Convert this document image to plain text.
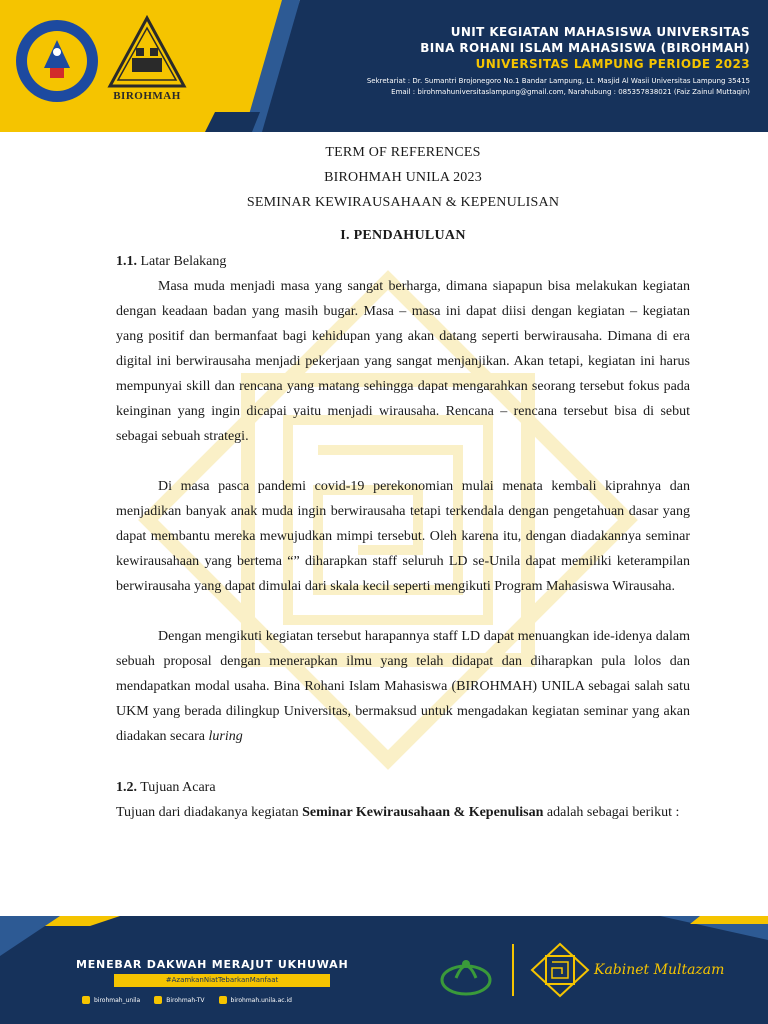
BIROHMAH
UNIT KEGIATAN MAHASISWA UNIVERSITAS
BINA ROHANI ISLAM MAHASISWA (BIROHMAH)
UNIVERSITAS LAMPUNG PERIODE 2023
Sekretariat : Dr. Sumantri Brojonegoro No.1 Bandar Lampung, Lt. Masjid Al Wasii Universitas Lampung 35415
Email : birohmahuniversitaslampung@gmail.com, Narahubung : 085357838021 (Faiz Zainul Muttaqin)
TERM OF REFERENCES
BIROHMAH UNILA 2023
SEMINAR KEWIRAUSAHAAN & KEPENULISAN
I. PENDAHULUAN
1.1. Latar Belakang

Masa muda menjadi masa yang sangat berharga, dimana siapapun bisa melakukan kegiatan dengan keadaan badan yang masih bugar. Masa – masa ini dapat diisi dengan kegiatan – kegiatan yang positif dan bermanfaat bagi kehidupan yang akan datang seperti berwirausaha. Dimana di era digital ini berwirausaha menjadi pekerjaan yang sangat menjanjikan. Akan tetapi, kegiatan ini harus mempunyai skill dan rencana yang matang sehingga dapat mengarahkan seorang tersebut fokus pada keinginan yang ingin dicapai yaitu menjadi wirausaha. Rencana – rencana tersebut bisa di sebut sebagai sebuah strategi.

Di masa pasca pandemi covid-19 perekonomian mulai menata kembali kiprahnya dan menjadikan banyak anak muda ingin berwirausaha tetapi terkendala dengan pengetahuan dasar yang dapat membantu mereka mewujudkan mimpi tersebut. Oleh karena itu, dengan diadakannya seminar kewirausahaan yang bertema “” diharapkan staff seluruh LD se-Unila dapat memiliki keterampilan berwirausaha yang dapat dimulai dari skala kecil seperti mengikuti Program Mahasiswa Wirausaha.

Dengan mengikuti kegiatan tersebut harapannya staff LD dapat menuangkan ide-idenya dalam sebuah proposal dengan menerapkan ilmu yang telah didapat dan diharapkan pula lolos dan mendapatkan modal usaha. Bina Rohani Islam Mahasiswa (BIROHMAH) UNILA sebagai salah satu UKM yang berada dilingkup Universitas, bermaksud untuk mengadakan kegiatan seminar yang akan diadakan secara luring

1.2. Tujuan Acara

Tujuan dari diadakanya kegiatan Seminar Kewirausahaan & Kepenulisan adalah sebagai berikut :

MENEBAR DAKWAH MERAJUT UKHUWAH
#AzamkanNiatTebarkanManfaat
birohmah_unila	Birohmah-TV	birohmah.unila.ac.id
Kabinet Multazam
